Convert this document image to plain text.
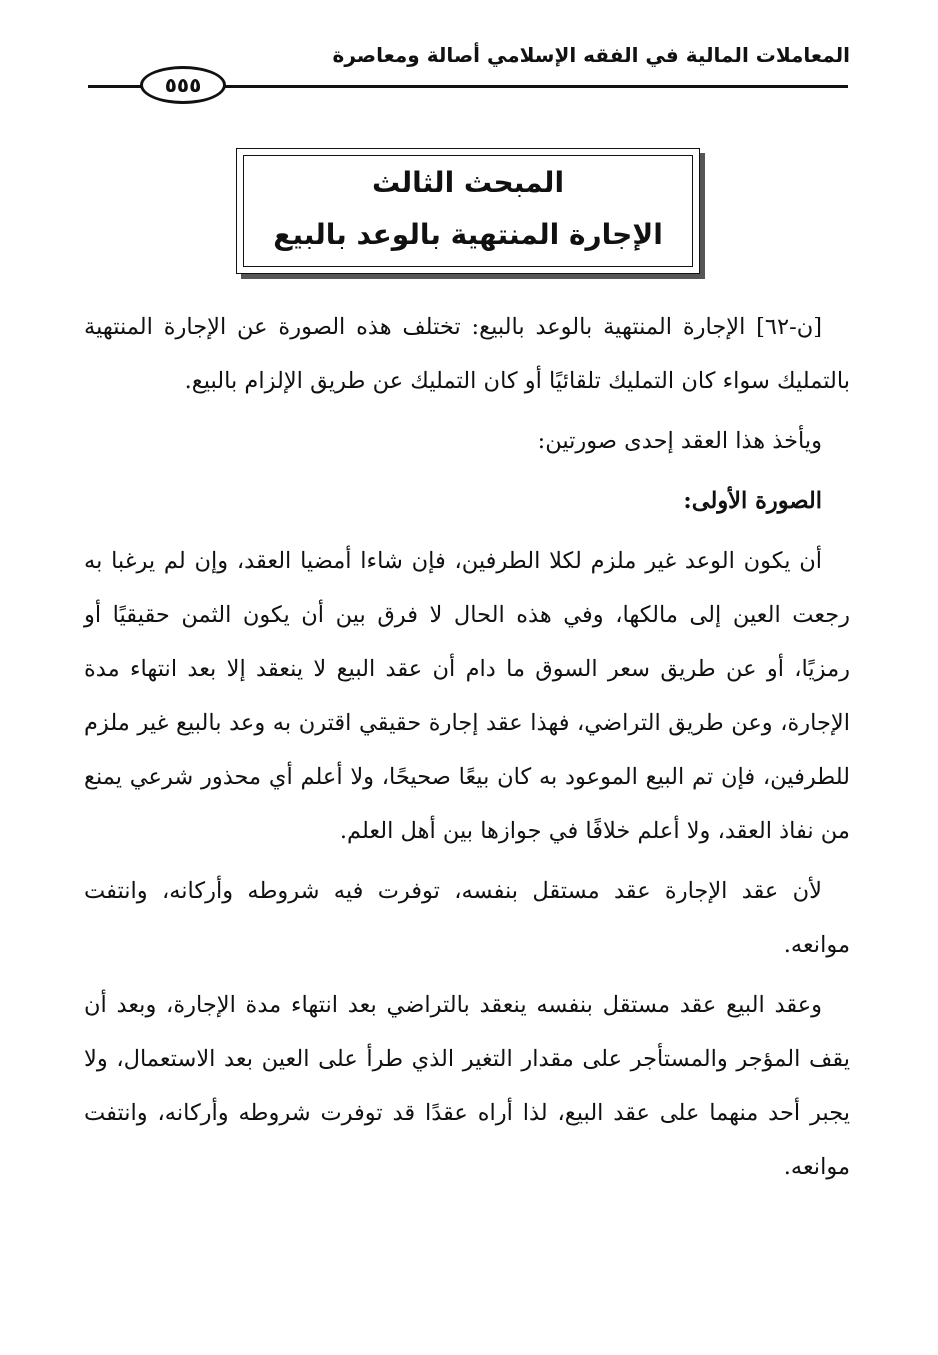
المعاملات المالية في الفقه الإسلامي أصالة ومعاصرة
٥٥٥
المبحث الثالث
الإجارة المنتهية بالوعد بالبيع

[ن-٦٢] الإجارة المنتهية بالوعد بالبيع: تختلف هذه الصورة عن الإجارة المنتهية بالتمليك سواء كان التمليك تلقائيًا أو كان التمليك عن طريق الإلزام بالبيع.

ويأخذ هذا العقد إحدى صورتين:

الصورة الأولى:

أن يكون الوعد غير ملزم لكلا الطرفين، فإن شاءا أمضيا العقد، وإن لم يرغبا به رجعت العين إلى مالكها، وفي هذه الحال لا فرق بين أن يكون الثمن حقيقيًا أو رمزيًا، أو عن طريق سعر السوق ما دام أن عقد البيع لا ينعقد إلا بعد انتهاء مدة الإجارة، وعن طريق التراضي، فهذا عقد إجارة حقيقي اقترن به وعد بالبيع غير ملزم للطرفين، فإن تم البيع الموعود به كان بيعًا صحيحًا، ولا أعلم أي محذور شرعي يمنع من نفاذ العقد، ولا أعلم خلافًا في جوازها بين أهل العلم.

لأن عقد الإجارة عقد مستقل بنفسه، توفرت فيه شروطه وأركانه، وانتفت موانعه.

وعقد البيع عقد مستقل بنفسه ينعقد بالتراضي بعد انتهاء مدة الإجارة، وبعد أن يقف المؤجر والمستأجر على مقدار التغير الذي طرأ على العين بعد الاستعمال، ولا يجبر أحد منهما على عقد البيع، لذا أراه عقدًا قد توفرت شروطه وأركانه، وانتفت موانعه.
